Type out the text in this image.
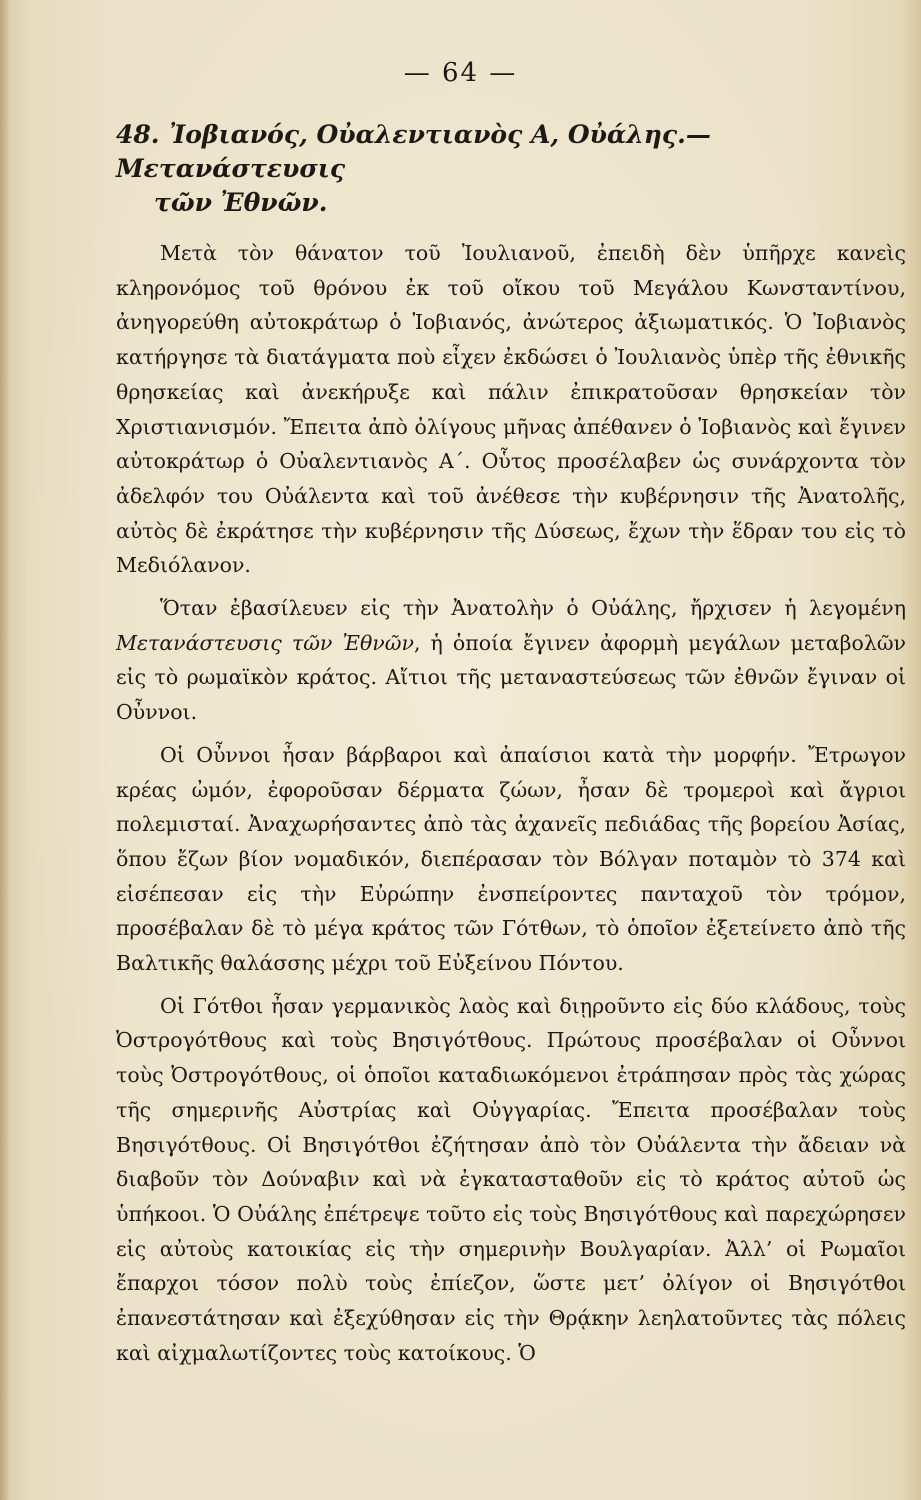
— 64 —
48. Ἰοβιανός, Οὐαλεντιανὸς Α, Οὐάλης.— Μετανάστευσις
τῶν Ἐθνῶν.

Μετὰ τὸν θάνατον τοῦ Ἰουλιανοῦ, ἐπειδὴ δὲν ὑπῆρχε κανεὶς κληρονόμος τοῦ θρόνου ἐκ τοῦ οἴκου τοῦ Μεγάλου Κωνσταντίνου, ἀνηγορεύθη αὐτοκράτωρ ὁ Ἰοβιανός, ἀνώτερος ἀξιωματικός. Ὁ Ἰοβιανὸς κατήργησε τὰ διατάγματα ποὺ εἶχεν ἐκδώσει ὁ Ἰουλιανὸς ὑπὲρ τῆς ἐθνικῆς θρησκείας καὶ ἀνεκήρυξε καὶ πάλιν ἐπικρατοῦσαν θρησκείαν τὸν Χριστιανισμόν. Ἔπειτα ἀπὸ ὀλίγους μῆνας ἀπέθανεν ὁ Ἰοβιανὸς καὶ ἔγινεν αὐτοκράτωρ ὁ Οὐαλεντιανὸς Α΄. Οὗτος προσέλαβεν ὡς συνάρχοντα τὸν ἀδελφόν του Οὐάλεντα καὶ τοῦ ἀνέθεσε τὴν κυβέρνησιν τῆς Ἀνατολῆς, αὐτὸς δὲ ἐκράτησε τὴν κυβέρνησιν τῆς Δύσεως, ἔχων τὴν ἕδραν του εἰς τὸ Μεδιόλανον.

Ὅταν ἐβασίλευεν εἰς τὴν Ἀνατολὴν ὁ Οὐάλης, ἤρχισεν ἡ λεγομένη Μετανάστευσις τῶν Ἐθνῶν, ἡ ὁποία ἔγινεν ἀφορμὴ μεγάλων μεταβολῶν εἰς τὸ ρωμαϊκὸν κράτος. Αἴτιοι τῆς μεταναστεύσεως τῶν ἐθνῶν ἔγιναν οἱ Οὖννοι.

Οἱ Οὖννοι ἦσαν βάρβαροι καὶ ἀπαίσιοι κατὰ τὴν μορφήν. Ἔτρωγον κρέας ὠμόν, ἐφοροῦσαν δέρματα ζώων, ἦσαν δὲ τρομεροὶ καὶ ἄγριοι πολεμισταί. Ἀναχωρήσαντες ἀπὸ τὰς ἀχανεῖς πεδιάδας τῆς βορείου Ἀσίας, ὅπου ἔζων βίον νομαδικόν, διεπέρασαν τὸν Βόλγαν ποταμὸν τὸ 374 καὶ εἰσέπεσαν εἰς τὴν Εὐρώπην ἐνσπείροντες πανταχοῦ τὸν τρόμον, προσέβαλαν δὲ τὸ μέγα κράτος τῶν Γότθων, τὸ ὁποῖον ἐξετείνετο ἀπὸ τῆς Βαλτικῆς θαλάσσης μέχρι τοῦ Εὐξείνου Πόντου.

Οἱ Γότθοι ἦσαν γερμανικὸς λαὸς καὶ διῃροῦντο εἰς δύο κλάδους, τοὺς Ὀστρογότθους καὶ τοὺς Βησιγότθους. Πρώτους προσέβαλαν οἱ Οὖννοι τοὺς Ὀστρογότθους, οἱ ὁποῖοι καταδιωκόμενοι ἐτράπησαν πρὸς τὰς χώρας τῆς σημερινῆς Αὐστρίας καὶ Οὐγγαρίας. Ἔπειτα προσέβαλαν τοὺς Βησιγότθους. Οἱ Βησιγότθοι ἐζήτησαν ἀπὸ τὸν Οὐάλεντα τὴν ἄδειαν νὰ διαβοῦν τὸν Δούναβιν καὶ νὰ ἐγκατασταθοῦν εἰς τὸ κράτος αὐτοῦ ὡς ὑπήκοοι. Ὁ Οὐάλης ἐπέτρεψε τοῦτο εἰς τοὺς Βησιγότθους καὶ παρεχώρησεν εἰς αὐτοὺς κατοικίας εἰς τὴν σημερινὴν Βουλγαρίαν. Ἀλλ’ οἱ Ρωμαῖοι ἔπαρχοι τόσον πολὺ τοὺς ἐπίεζον, ὥστε μετ’ ὀλίγον οἱ Βησιγότθοι ἐπανεστάτησαν καὶ ἐξεχύθησαν εἰς τὴν Θρᾴκην λεηλατοῦντες τὰς πόλεις καὶ αἰχμαλωτίζοντες τοὺς κατοίκους. Ὁ
